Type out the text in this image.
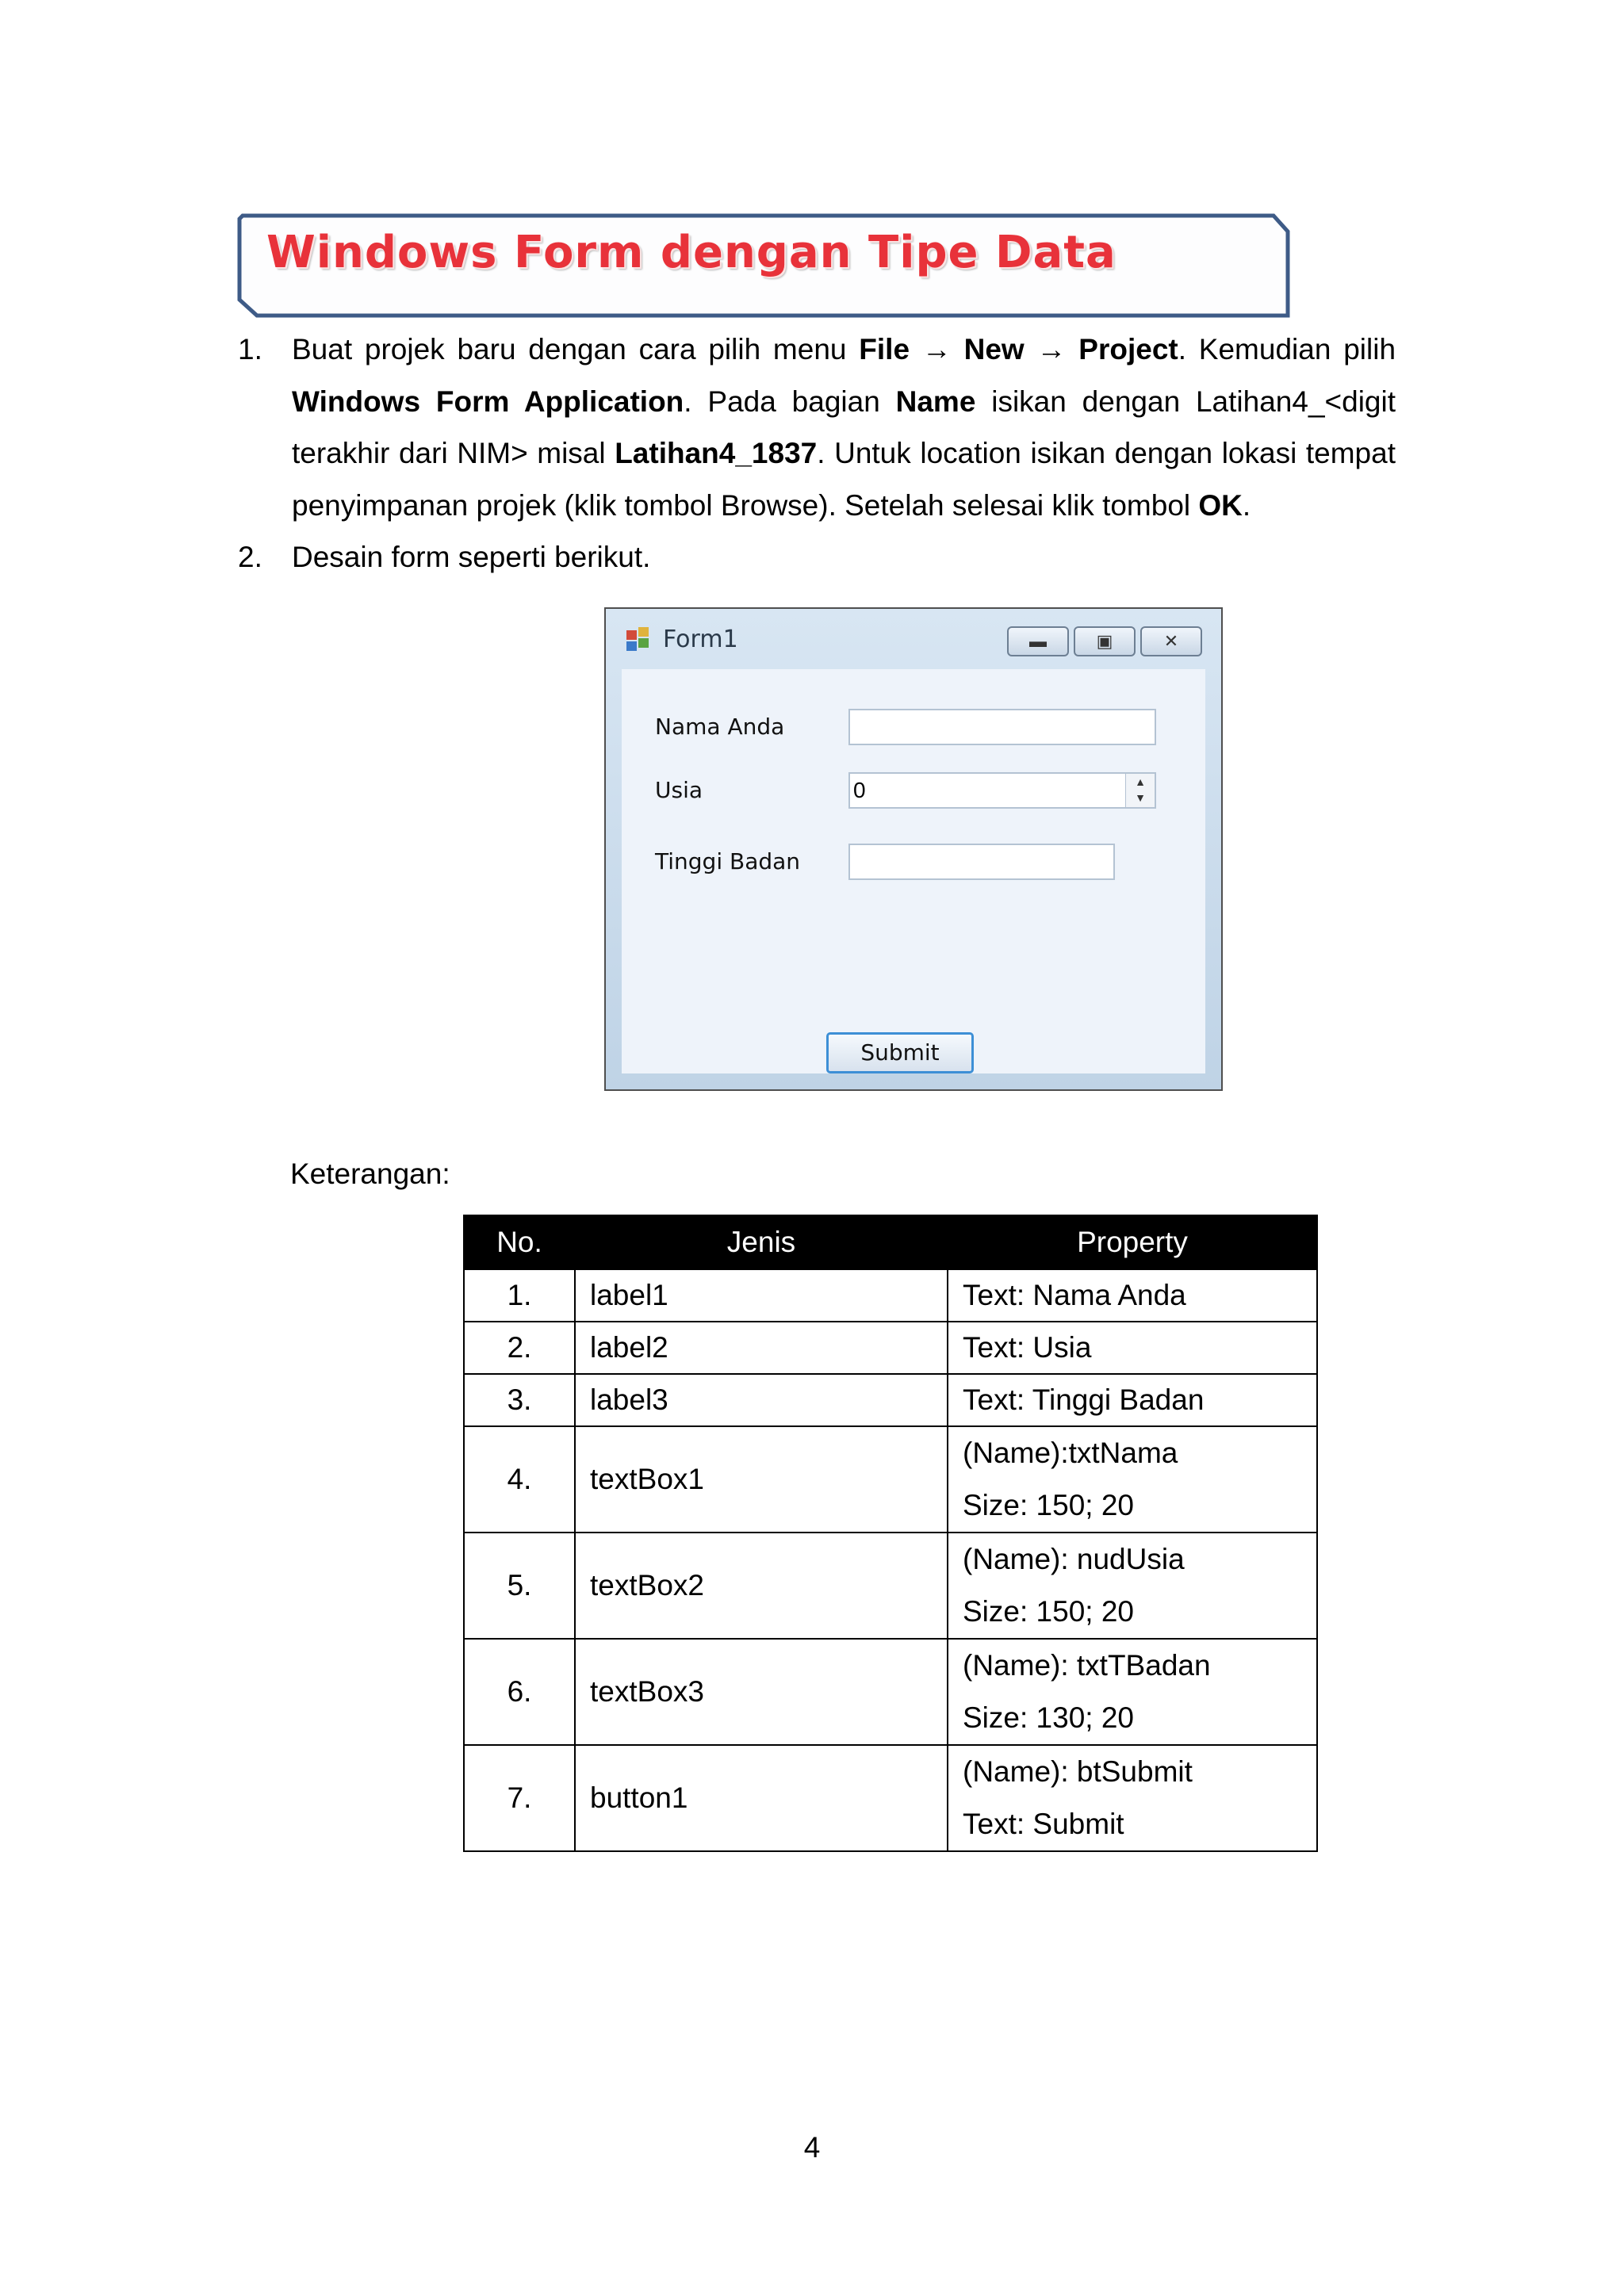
Windows Form dengan Tipe Data
1. Buat projek baru dengan cara pilih menu File → New → Project. Kemudian pilih Windows Form Application. Pada bagian Name isikan dengan Latihan4_<digit terakhir dari NIM> misal Latihan4_1837. Untuk location isikan dengan lokasi tempat penyimpanan projek (klik tombol Browse). Setelah selesai klik tombol OK.
2. Desain form seperti berikut.
Form1	▬	▣	✕
Nama Anda
Usia	0	▲
▼
Tinggi Badan
Submit
Keterangan:
No.	Jenis	Property
1.	label1	Text: Nama Anda
2.	label2	Text: Usia
3.	label3	Text: Tinggi Badan
4.	textBox1	(Name):txtNama
Size: 150; 20

5.	textBox2	(Name): nudUsia
Size: 150; 20

6.	textBox3	(Name): txtTBadan
Size: 130; 20

7.	button1	(Name): btSubmit
Text: Submit
4
